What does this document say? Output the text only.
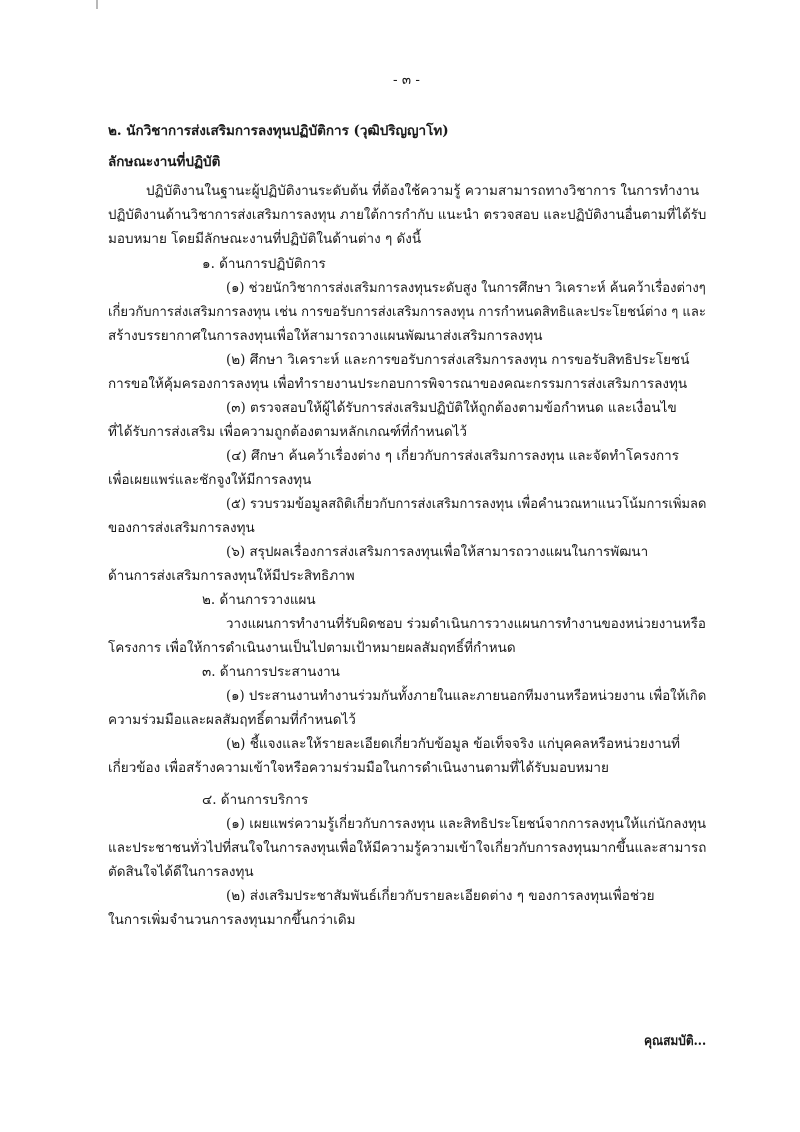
- ๓ -
๒. นักวิชาการส่งเสริมการลงทุนปฏิบัติการ (วุฒิปริญญาโท)
ลักษณะงานที่ปฏิบัติ
ปฏิบัติงานในฐานะผู้ปฏิบัติงานระดับต้น ที่ต้องใช้ความรู้ ความสามารถทางวิชาการ ในการทำงาน
ปฏิบัติงานด้านวิชาการส่งเสริมการลงทุน ภายใต้การกำกับ แนะนำ ตรวจสอบ และปฏิบัติงานอื่นตามที่ได้รับ
มอบหมาย โดยมีลักษณะงานที่ปฏิบัติในด้านต่าง ๆ ดังนี้
๑. ด้านการปฏิบัติการ
(๑) ช่วยนักวิชาการส่งเสริมการลงทุนระดับสูง ในการศึกษา วิเคราะห์ ค้นคว้าเรื่องต่างๆ
เกี่ยวกับการส่งเสริมการลงทุน เช่น การขอรับการส่งเสริมการลงทุน การกำหนดสิทธิและประโยชน์ต่าง ๆ และ
สร้างบรรยากาศในการลงทุนเพื่อให้สามารถวางแผนพัฒนาส่งเสริมการลงทุน
(๒) ศึกษา วิเคราะห์ และการขอรับการส่งเสริมการลงทุน การขอรับสิทธิประโยชน์
การขอให้คุ้มครองการลงทุน เพื่อทำรายงานประกอบการพิจารณาของคณะกรรมการส่งเสริมการลงทุน
(๓) ตรวจสอบให้ผู้ได้รับการส่งเสริมปฏิบัติให้ถูกต้องตามข้อกำหนด และเงื่อนไข
ที่ได้รับการส่งเสริม เพื่อความถูกต้องตามหลักเกณฑ์ที่กำหนดไว้
(๔) ศึกษา ค้นคว้าเรื่องต่าง ๆ เกี่ยวกับการส่งเสริมการลงทุน และจัดทำโครงการ
เพื่อเผยแพร่และชักจูงให้มีการลงทุน
(๕) รวบรวมข้อมูลสถิติเกี่ยวกับการส่งเสริมการลงทุน เพื่อคำนวณหาแนวโน้มการเพิ่มลด
ของการส่งเสริมการลงทุน
(๖) สรุปผลเรื่องการส่งเสริมการลงทุนเพื่อให้สามารถวางแผนในการพัฒนา
ด้านการส่งเสริมการลงทุนให้มีประสิทธิภาพ
๒. ด้านการวางแผน
วางแผนการทำงานที่รับผิดชอบ ร่วมดำเนินการวางแผนการทำงานของหน่วยงานหรือ
โครงการ เพื่อให้การดำเนินงานเป็นไปตามเป้าหมายผลสัมฤทธิ์ที่กำหนด
๓. ด้านการประสานงาน
(๑) ประสานงานทำงานร่วมกันทั้งภายในและภายนอกทีมงานหรือหน่วยงาน เพื่อให้เกิด
ความร่วมมือและผลสัมฤทธิ์ตามที่กำหนดไว้
(๒) ชี้แจงและให้รายละเอียดเกี่ยวกับข้อมูล ข้อเท็จจริง แก่บุคคลหรือหน่วยงานที่
เกี่ยวข้อง เพื่อสร้างความเข้าใจหรือความร่วมมือในการดำเนินงานตามที่ได้รับมอบหมาย
๔. ด้านการบริการ
(๑) เผยแพร่ความรู้เกี่ยวกับการลงทุน และสิทธิประโยชน์จากการลงทุนให้แก่นักลงทุน
และประชาชนทั่วไปที่สนใจในการลงทุนเพื่อให้มีความรู้ความเข้าใจเกี่ยวกับการลงทุนมากขึ้นและสามารถ
ตัดสินใจได้ดีในการลงทุน
(๒) ส่งเสริมประชาสัมพันธ์เกี่ยวกับรายละเอียดต่าง ๆ ของการลงทุนเพื่อช่วย
ในการเพิ่มจำนวนการลงทุนมากขึ้นกว่าเดิม
คุณสมบัติ...
